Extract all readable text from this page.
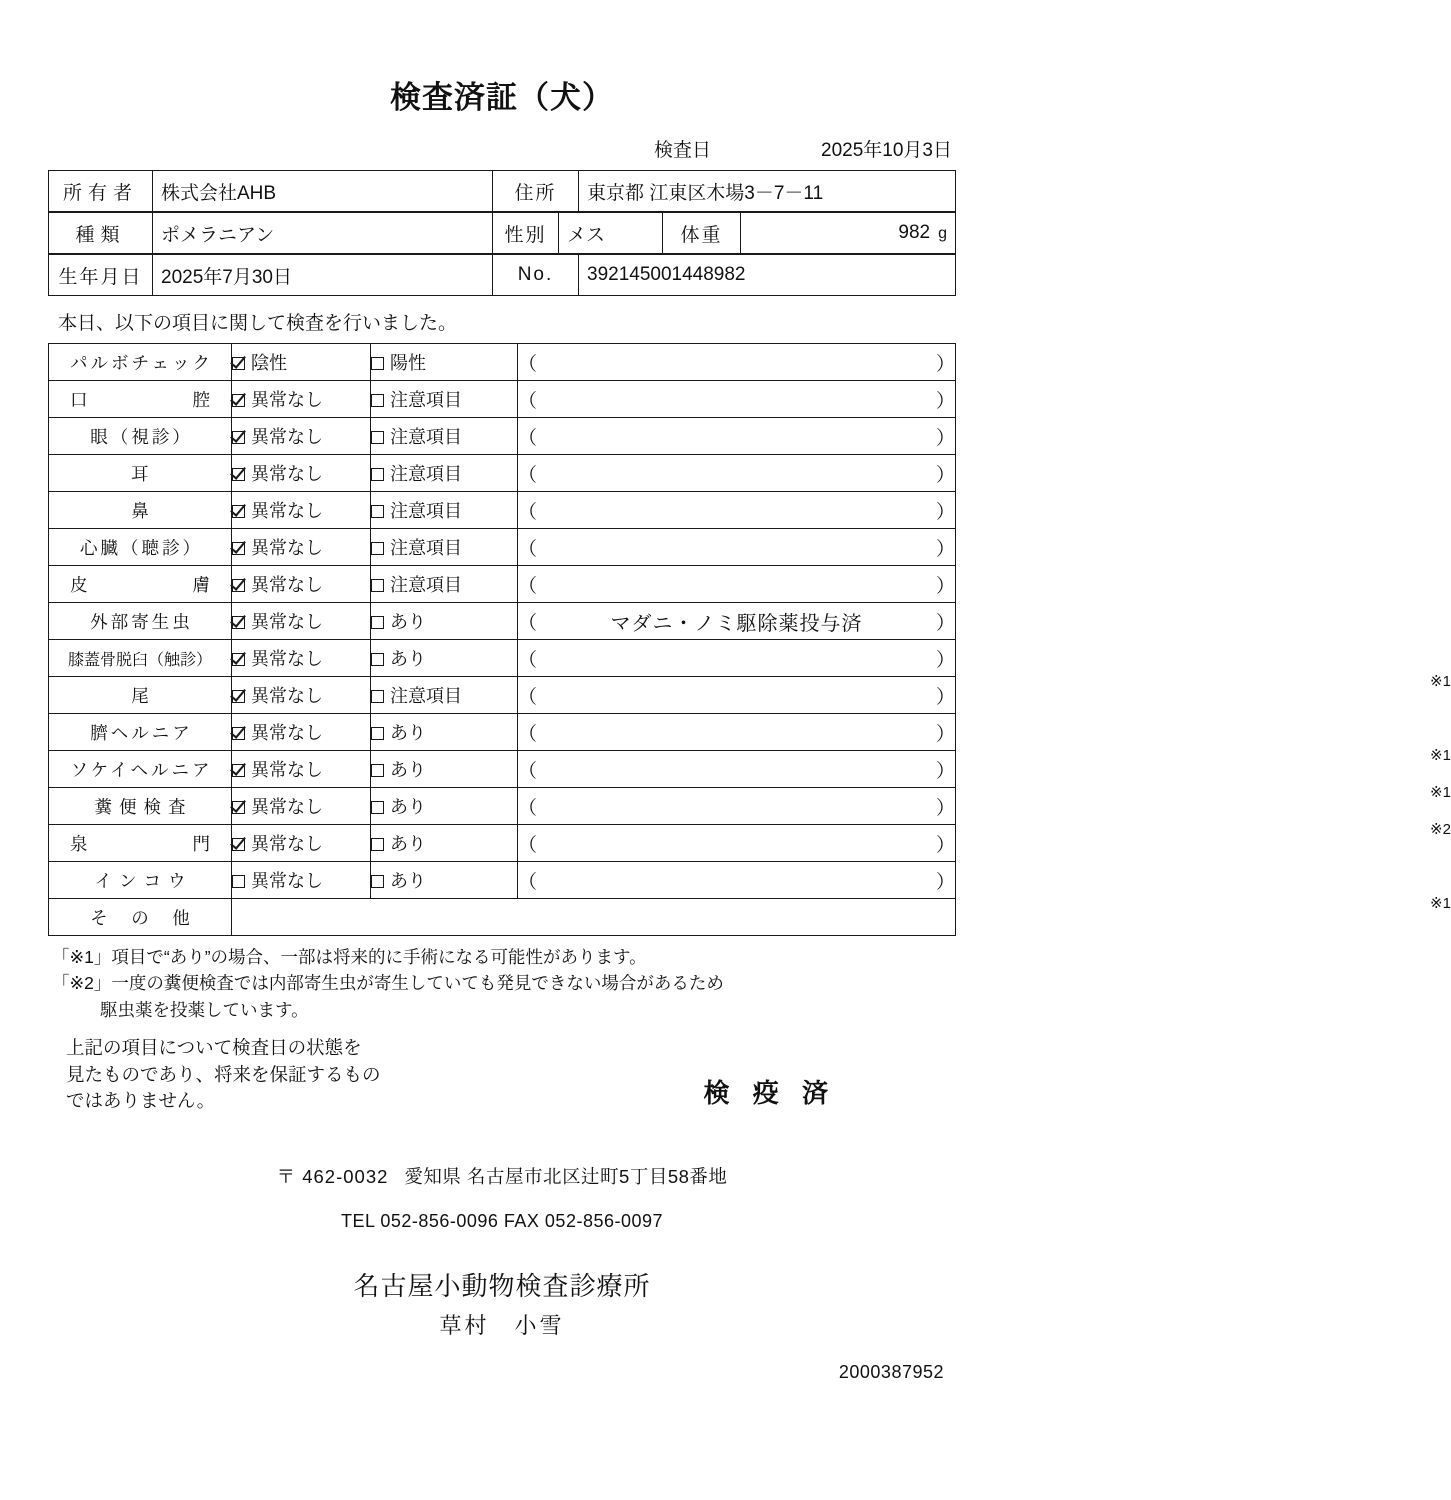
検査済証（犬）
検査日	2025年10月3日
所有者	株式会社AHB	住所	東京都 江東区木場3－7－11
種類	ポメラニアン	性別	メス	体重	982 g
生年月日	2025年7月30日	No.	392145001448982
本日、以下の項目に関して検査を行いました。
パルボチェック	陰性	陽性	（ ）

口　　　　腔	異常なし	注意項目	（ ）

眼（視診）	異常なし	注意項目	（ ）

耳	異常なし	注意項目	（ ）

鼻	異常なし	注意項目	（ ）

心臓（聴診）	異常なし	注意項目	（ ）

皮　　　　膚	異常なし	注意項目	（ ）

外部寄生虫	異常なし	あり	（ マダニ・ノミ駆除薬投与済 ）

膝蓋骨脱臼（触診）	異常なし	あり	（ ）
※1

尾	異常なし	注意項目	（ ）

臍ヘルニア	異常なし	あり	（ ）
※1

ソケイヘルニア	異常なし	あり	（ ）
※1

糞便検査	異常なし	あり	（ ）
※2

泉　　　　門	異常なし	あり	（ ）

インコウ	異常なし	あり	（ ）
※1

そ　の　他			
「※1」項目で“あり”の場合、一部は将来的に手術になる可能性があります。
「※2」一度の糞便検査では内部寄生虫が寄生していても発見できない場合があるため
駆虫薬を投薬しています。
上記の項目について検査日の状態を
見たものであり、将来を保証するもの
ではありません。	検 疫 済
〒 462-0032 愛知県 名古屋市北区辻町5丁目58番地
TEL 052-856-0096 FAX 052-856-0097
名古屋小動物検査診療所
草村　小雪
2000387952
